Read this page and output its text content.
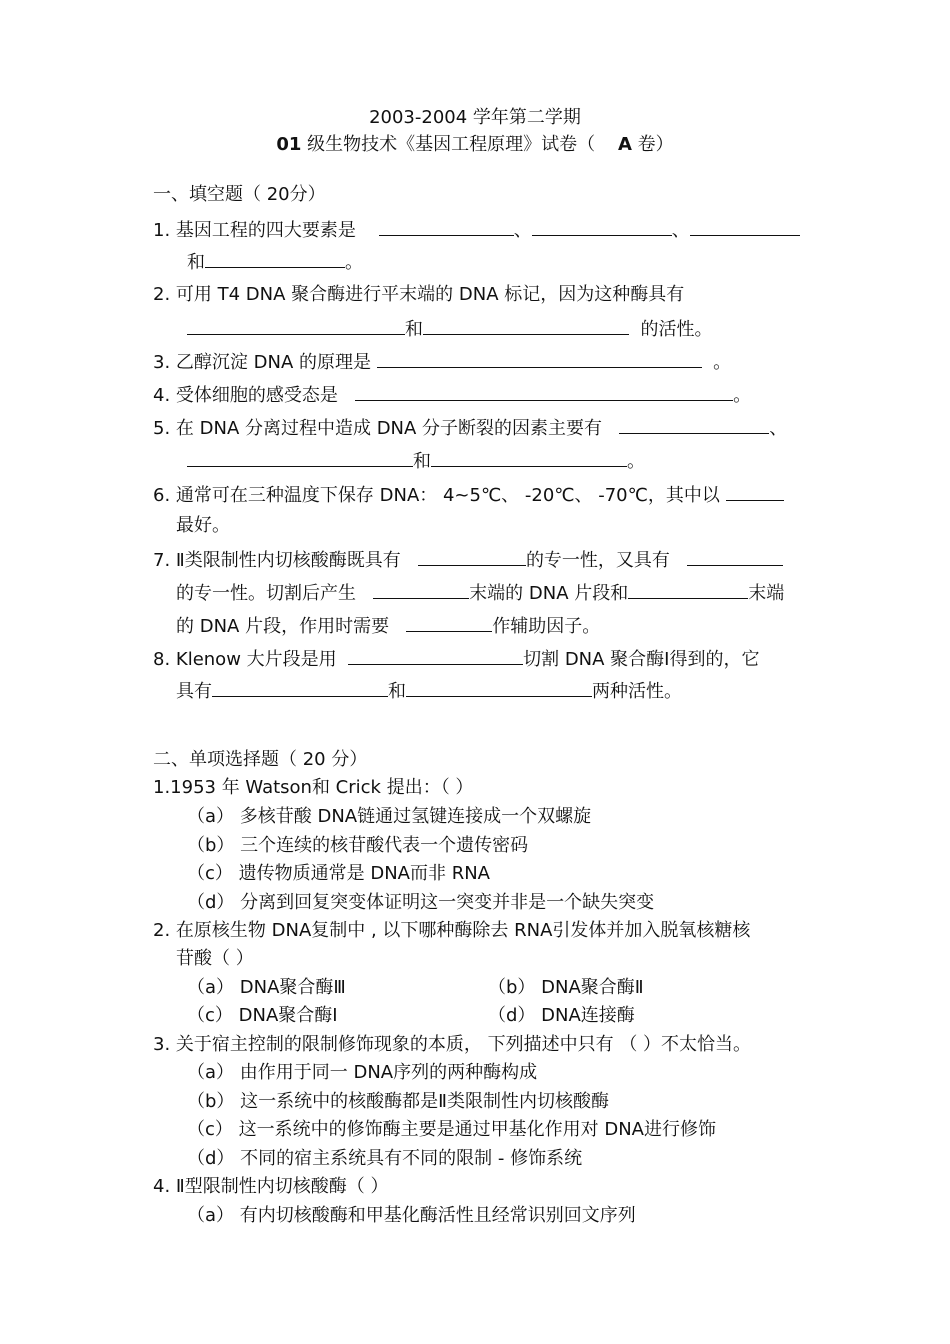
2003-2004 学年第二学期
01 级生物技术《基因工程原理》试卷（ A 卷）
一、填空题（ 20分）
1. 基因工程的四大要素是	、	、
和	。
2. 可用 T4 DNA 聚合酶进行平末端的 DNA 标记，因为这种酶具有
和	的活性。
3. 乙醇沉淀 DNA 的原理是	。
4. 受体细胞的感受态是	。
5. 在 DNA 分离过程中造成 DNA 分子断裂的因素主要有	、
和	。
6. 通常可在三种温度下保存 DNA： 4~5℃、 -20℃、 -70℃，其中以
最好。
7. Ⅱ类限制性内切核酸酶既具有	的专一性，又具有
的专一性。切割后产生	末端的 DNA 片段和	末端
的 DNA 片段，作用时需要	作辅助因子。
8. Klenow 大片段是用	切割 DNA 聚合酶Ⅰ得到的，它
具有	和	两种活性。
二、单项选择题（ 20 分）
1.1953 年 Watson和 Crick 提出：（ ）
（a） 多核苷酸 DNA链通过氢键连接成一个双螺旋
（b） 三个连续的核苷酸代表一个遗传密码
（c） 遗传物质通常是 DNA而非 RNA
（d） 分离到回复突变体证明这一突变并非是一个缺失突变
2. 在原核生物 DNA复制中 , 以下哪种酶除去 RNA引发体并加入脱氧核糖核
苷酸（ ）
（a） DNA聚合酶Ⅲ	（b） DNA聚合酶Ⅱ
（c） DNA聚合酶Ⅰ	（d） DNA连接酶
3. 关于宿主控制的限制修饰现象的本质， 下列描述中只有 （ ）不太恰当。
（a） 由作用于同一 DNA序列的两种酶构成
（b） 这一系统中的核酸酶都是Ⅱ类限制性内切核酸酶
（c） 这一系统中的修饰酶主要是通过甲基化作用对 DNA进行修饰
（d） 不同的宿主系统具有不同的限制 - 修饰系统
4. Ⅱ型限制性内切核酸酶（ ）
（a） 有内切核酸酶和甲基化酶活性且经常识别回文序列
